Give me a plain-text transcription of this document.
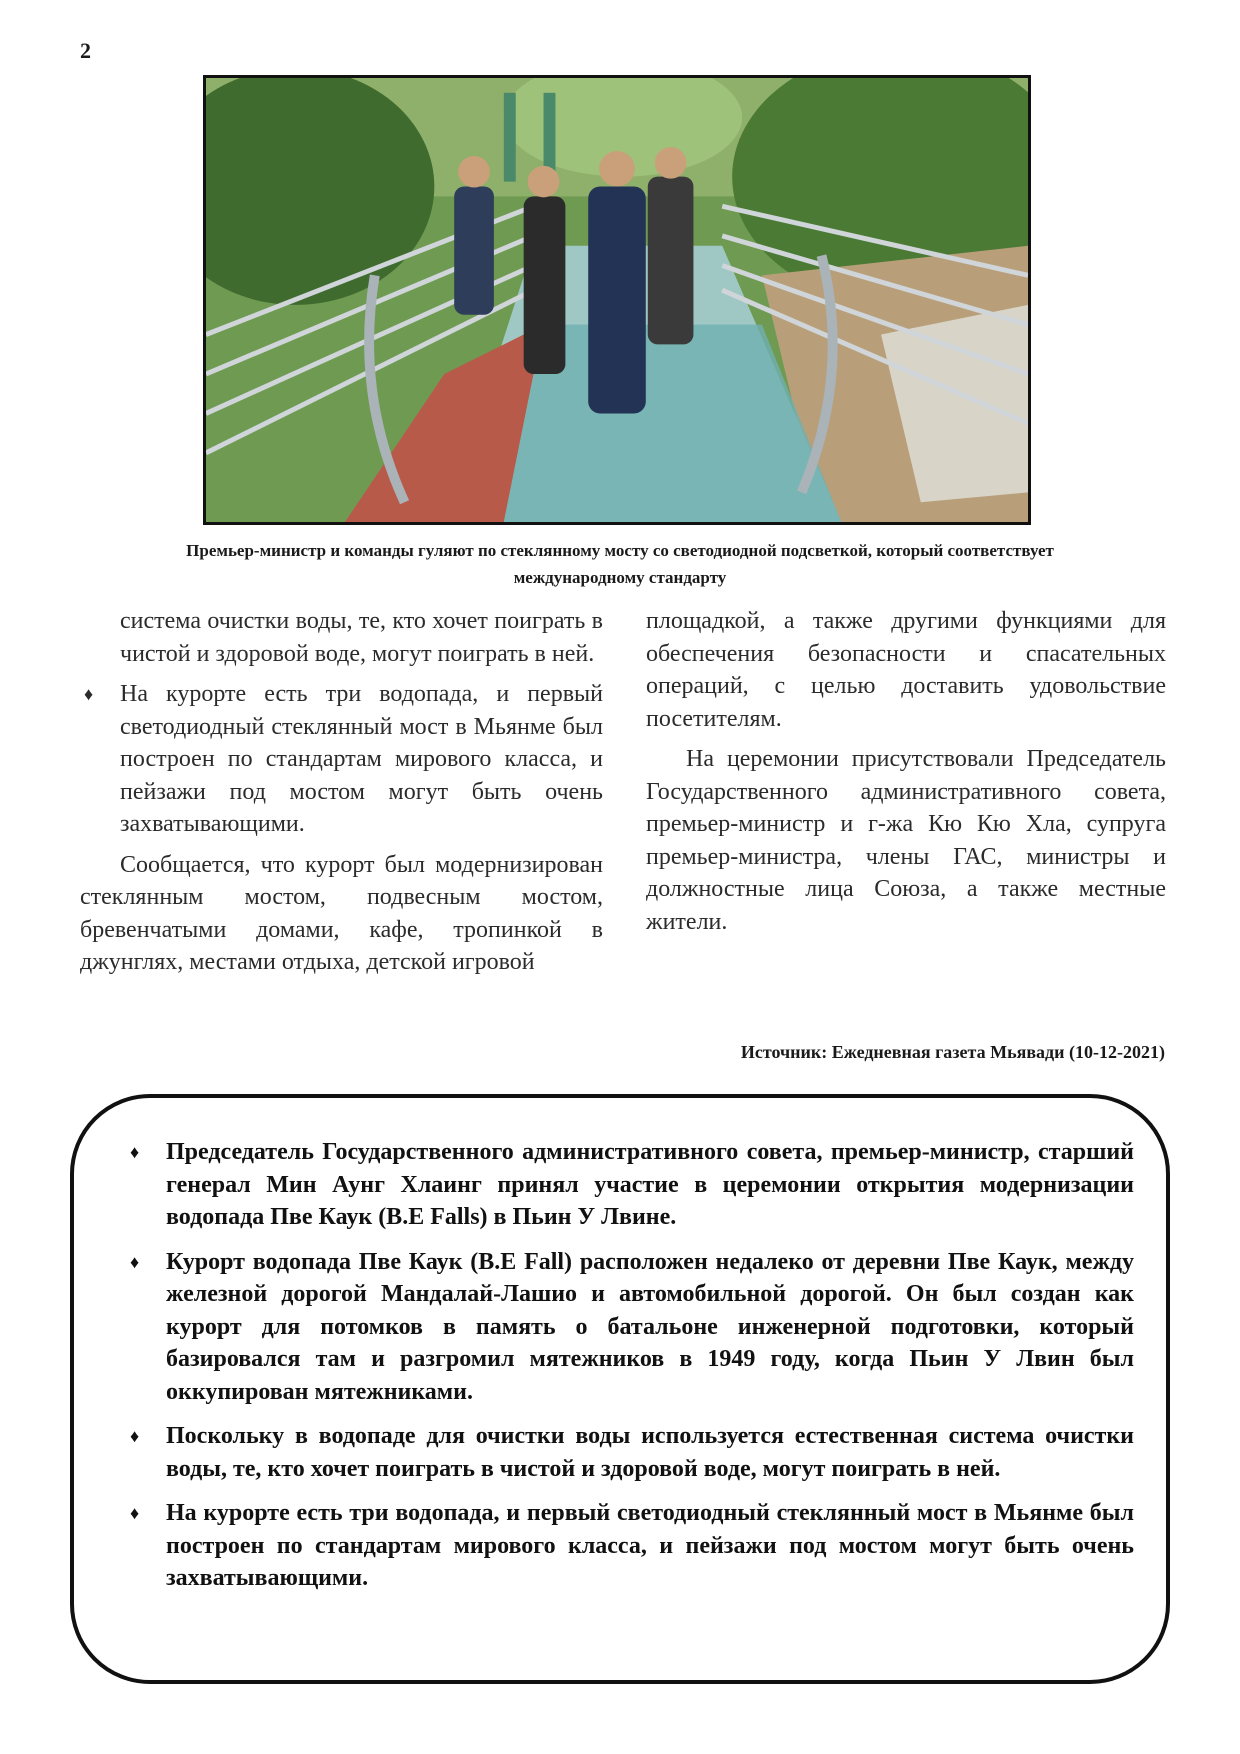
2
Премьер-министр и команды гуляют по стеклянному мосту со светодиодной подсветкой, который соответствует международному стандарту

система очистки воды, те, кто хочет поиграть в чистой и здоровой воде, могут поиграть в ней.

♦ На курорте есть три водопада, и первый светодиодный стеклянный мост в Мьянме был построен по стандартам мирового класса, и пейзажи под мостом могут быть очень захватывающими.

Сообщается, что курорт был модернизирован стеклянным мостом, подвесным мостом, бревенчатыми домами, кафе, тропинкой в джунглях, местами отдыха, детской игровой

площадкой, а также другими функциями для обеспечения безопасности и спасательных операций, с целью доставить удовольствие посетителям.

На церемонии присутствовали Председатель Государственного административного совета, премьер-министр и г-жа Кю Кю Хла, супруга премьер-министра, члены ГАС, министры и должностные лица Союза, а также местные жители.

Источник: Ежедневная газета Мьявади (10-12-2021)
♦ Председатель Государственного административного совета, премьер-министр, старший генерал Мин Аунг Хлаинг принял участие в церемонии открытия модернизации водопада Пве Каук (B.E Falls) в Пьин У Лвине.
♦ Курорт водопада Пве Каук (B.E Fall) расположен недалеко от деревни Пве Каук, между железной дорогой Мандалай-Лашио и автомобильной дорогой. Он был создан как курорт для потомков в память о батальоне инженерной подготовки, который базировался там и разгромил мятежников в 1949 году, когда Пьин У Лвин был оккупирован мятежниками.
♦ Поскольку в водопаде для очистки воды используется естественная система очистки воды, те, кто хочет поиграть в чистой и здоровой воде, могут поиграть в ней.
♦ На курорте есть три водопада, и первый светодиодный стеклянный мост в Мьянме был построен по стандартам мирового класса, и пейзажи под мостом могут быть очень захватывающими.
